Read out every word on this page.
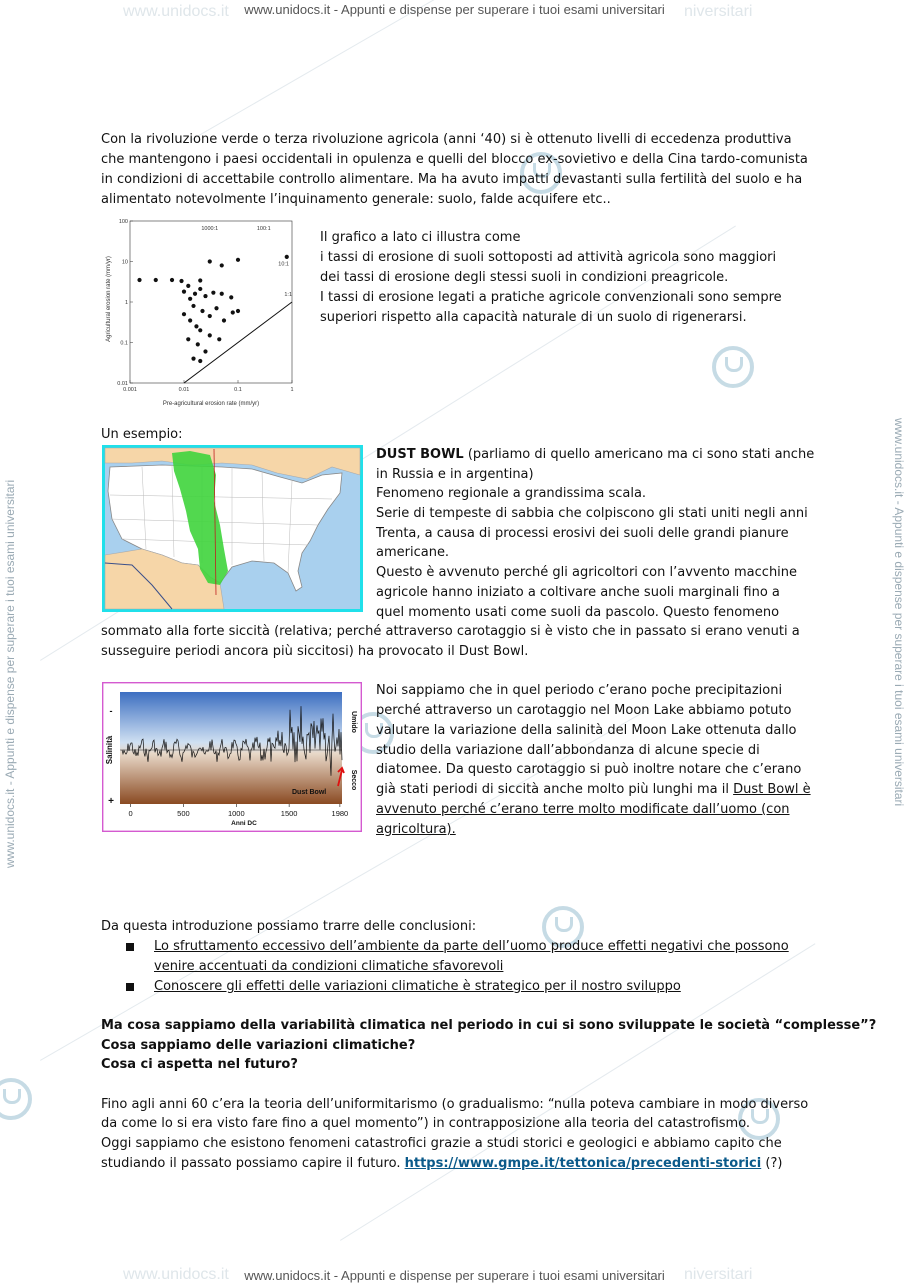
www.unidocs.it	niversitari
www.unidocs.it - Appunti e dispense per superare i tuoi esami universitari
www.unidocs.it	niversitari
www.unidocs.it - Appunti e dispense per superare i tuoi esami universitari
www.unidocs.it - Appunti e dispense per superare i tuoi esami universitari	www.unidocs.it - Appunti e dispense per superare i tuoi esami universitari
Con la rivoluzione verde o terza rivoluzione agricola (anni ‘40) si è ottenuto livelli di eccedenza produttiva
che mantengono i paesi occidentali in opulenza e quelli del blocco ex-sovietivo e della Cina tardo-comunista
in condizioni di accettabile controllo alimentare. Ma ha avuto impatti devastanti sulla fertilità del suolo e ha
alimentato notevolmente l’inquinamento generale: suolo, falde acquifere etc..
0.001	0.01	0.1	1
100
10
1
0.1
0.01
1000:1	100:1
10:1
1:1
Pre-agricultural erosion rate (mm/yr)
Agricultural erosion rate (mm/yr)
Il grafico a lato ci illustra come
i tassi di erosione di suoli sottoposti ad attività agricola sono maggiori
dei tassi di erosione degli stessi suoli in condizioni preagricole.
I tassi di erosione legati a pratiche agricole convenzionali sono sempre
superiori rispetto alla capacità naturale di un suolo di rigenerarsi.
Un esempio:
DUST BOWL (parliamo di quello americano ma ci sono stati anche
in Russia e in argentina)
Fenomeno regionale a grandissima scala.
Serie di tempeste di sabbia che colpiscono gli stati uniti negli anni
Trenta, a causa di processi erosivi dei suoli delle grandi pianure
americane.
Questo è avvenuto perché gli agricoltori con l’avvento macchine
agricole hanno iniziato a coltivare anche suoli marginali fino a
quel momento usati come suoli da pascolo. Questo fenomeno
sommato alla forte siccità (relativa; perché attraverso carotaggio si è visto che in passato si erano venuti a
susseguire periodi ancora più siccitosi) ha provocato il Dust Bowl.
Salinità
-
+
Umido
Secco
Dust Bowl
0	500	1000	1500	1980
Anni DC
Noi sappiamo che in quel periodo c’erano poche precipitazioni
perché attraverso un carotaggio nel Moon Lake abbiamo potuto
valutare la variazione della salinità del Moon Lake ottenuta dallo
studio della variazione dall’abbondanza di alcune specie di
diatomee. Da questo carotaggio si può inoltre notare che c’erano
già stati periodi di siccità anche molto più lunghi ma il Dust Bowl è
avvenuto perché c’erano terre molto modificate dall’uomo (con
agricoltura).
Da questa introduzione possiamo trarre delle conclusioni:
Lo sfruttamento eccessivo dell’ambiente da parte dell’uomo produce effetti negativi che possono
venire accentuati da condizioni climatiche sfavorevoli
Conoscere gli effetti delle variazioni climatiche è strategico per il nostro sviluppo
Ma cosa sappiamo della variabilità climatica nel periodo in cui si sono sviluppate le società “complesse”?
Cosa sappiamo delle variazioni climatiche?
Cosa ci aspetta nel futuro?
Fino agli anni 60 c’era la teoria dell’uniformitarismo (o gradualismo: “nulla poteva cambiare in modo diverso
da come lo si era visto fare fino a quel momento”) in contrapposizione alla teoria del catastrofismo.
Oggi sappiamo che esistono fenomeni catastrofici grazie a studi storici e geologici e abbiamo capito che
studiando il passato possiamo capire il futuro. https://www.gmpe.it/tettonica/precedenti-storici (?)
